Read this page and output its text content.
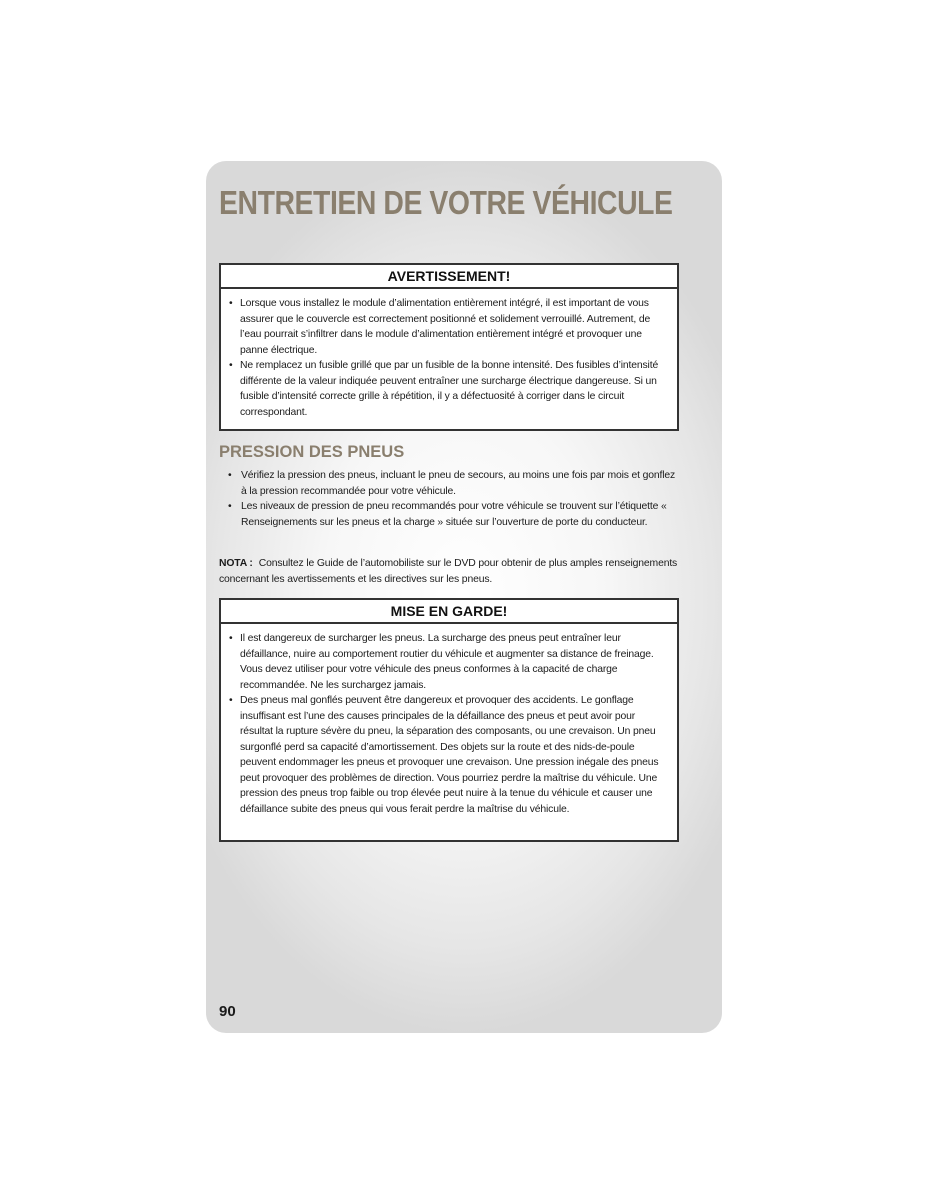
ENTRETIEN DE VOTRE VÉHICULE
AVERTISSEMENT!
• Lorsque vous installez le module d’alimentation entièrement intégré, il est important de vous assurer que le couvercle est correctement positionné et solidement verrouillé. Autrement, de l’eau pourrait s’infiltrer dans le module d’alimentation entièrement intégré et provoquer une panne électrique.
• Ne remplacez un fusible grillé que par un fusible de la bonne intensité. Des fusibles d’intensité différente de la valeur indiquée peuvent entraîner une surcharge électrique dangereuse. Si un fusible d’intensité correcte grille à répétition, il y a défectuosité à corriger dans le circuit correspondant.
PRESSION DES PNEUS
• Vérifiez la pression des pneus, incluant le pneu de secours, au moins une fois par mois et gonflez à la pression recommandée pour votre véhicule.
• Les niveaux de pression de pneu recommandés pour votre véhicule se trouvent sur l’étiquette « Renseignements sur les pneus et la charge » située sur l’ouverture de porte du conducteur.

NOTA : Consultez le Guide de l’automobiliste sur le DVD pour obtenir de plus amples renseignements concernant les avertissements et les directives sur les pneus.

MISE EN GARDE!
• Il est dangereux de surcharger les pneus. La surcharge des pneus peut entraîner leur défaillance, nuire au comportement routier du véhicule et augmenter sa distance de freinage. Vous devez utiliser pour votre véhicule des pneus conformes à la capacité de charge recommandée. Ne les surchargez jamais.
• Des pneus mal gonflés peuvent être dangereux et provoquer des accidents. Le gonflage insuffisant est l’une des causes principales de la défaillance des pneus et peut avoir pour résultat la rupture sévère du pneu, la séparation des composants, ou une crevaison. Un pneu surgonflé perd sa capacité d’amortissement. Des objets sur la route et des nids-de-poule peuvent endommager les pneus et provoquer une crevaison. Une pression inégale des pneus peut provoquer des problèmes de direction. Vous pourriez perdre la maîtrise du véhicule. Une pression des pneus trop faible ou trop élevée peut nuire à la tenue du véhicule et causer une défaillance subite des pneus qui vous ferait perdre la maîtrise du véhicule.
90
